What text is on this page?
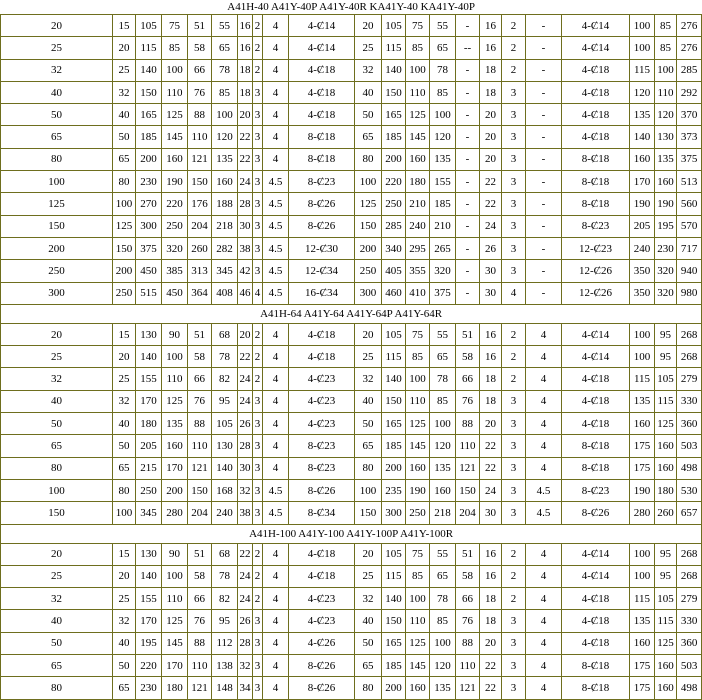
A41H-40 A41Y-40P A41Y-40R KA41Y-40 KA41Y-40P																					
20	15	105	75	51	55	16	2	4	4-Ȼ14	20	105	75	55	-	16	2	-	4-Ȼ14	100	85	276
25	20	115	85	58	65	16	2	4	4-Ȼ14	25	115	85	65	--	16	2	-	4-Ȼ14	100	85	276
32	25	140	100	66	78	18	2	4	4-Ȼ18	32	140	100	78	-	18	2	-	4-Ȼ18	115	100	285
40	32	150	110	76	85	18	3	4	4-Ȼ18	40	150	110	85	-	18	3	-	4-Ȼ18	120	110	292
50	40	165	125	88	100	20	3	4	4-Ȼ18	50	165	125	100	-	20	3	-	4-Ȼ18	135	120	370
65	50	185	145	110	120	22	3	4	8-Ȼ18	65	185	145	120	-	20	3	-	4-Ȼ18	140	130	373
80	65	200	160	121	135	22	3	4	8-Ȼ18	80	200	160	135	-	20	3	-	8-Ȼ18	160	135	375
100	80	230	190	150	160	24	3	4.5	8-Ȼ23	100	220	180	155	-	22	3	-	8-Ȼ18	170	160	513
125	100	270	220	176	188	28	3	4.5	8-Ȼ26	125	250	210	185	-	22	3	-	8-Ȼ18	190	190	560
150	125	300	250	204	218	30	3	4.5	8-Ȼ26	150	285	240	210	-	24	3	-	8-Ȼ23	205	195	570
200	150	375	320	260	282	38	3	4.5	12-Ȼ30	200	340	295	265	-	26	3	-	12-Ȼ23	240	230	717
250	200	450	385	313	345	42	3	4.5	12-Ȼ34	250	405	355	320	-	30	3	-	12-Ȼ26	350	320	940
300	250	515	450	364	408	46	4	4.5	16-Ȼ34	300	460	410	375	-	30	4	-	12-Ȼ26	350	320	980
A41H-64 A41Y-64 A41Y-64P A41Y-64R																					
20	15	130	90	51	68	20	2	4	4-Ȼ18	20	105	75	55	51	16	2	4	4-Ȼ14	100	95	268
25	20	140	100	58	78	22	2	4	4-Ȼ18	25	115	85	65	58	16	2	4	4-Ȼ14	100	95	268
32	25	155	110	66	82	24	2	4	4-Ȼ23	32	140	100	78	66	18	2	4	4-Ȼ18	115	105	279
40	32	170	125	76	95	24	3	4	4-Ȼ23	40	150	110	85	76	18	3	4	4-Ȼ18	135	115	330
50	40	180	135	88	105	26	3	4	4-Ȼ23	50	165	125	100	88	20	3	4	4-Ȼ18	160	125	360
65	50	205	160	110	130	28	3	4	8-Ȼ23	65	185	145	120	110	22	3	4	8-Ȼ18	175	160	503
80	65	215	170	121	140	30	3	4	8-Ȼ23	80	200	160	135	121	22	3	4	8-Ȼ18	175	160	498
100	80	250	200	150	168	32	3	4.5	8-Ȼ26	100	235	190	160	150	24	3	4.5	8-Ȼ23	190	180	530
150	100	345	280	204	240	38	3	4.5	8-Ȼ34	150	300	250	218	204	30	3	4.5	8-Ȼ26	280	260	657
A41H-100 A41Y-100 A41Y-100P A41Y-100R																					
20	15	130	90	51	68	22	2	4	4-Ȼ18	20	105	75	55	51	16	2	4	4-Ȼ14	100	95	268
25	20	140	100	58	78	24	2	4	4-Ȼ18	25	115	85	65	58	16	2	4	4-Ȼ14	100	95	268
32	25	155	110	66	82	24	2	4	4-Ȼ23	32	140	100	78	66	18	2	4	4-Ȼ18	115	105	279
40	32	170	125	76	95	26	3	4	4-Ȼ23	40	150	110	85	76	18	3	4	4-Ȼ18	135	115	330
50	40	195	145	88	112	28	3	4	4-Ȼ26	50	165	125	100	88	20	3	4	4-Ȼ18	160	125	360
65	50	220	170	110	138	32	3	4	8-Ȼ26	65	185	145	120	110	22	3	4	8-Ȼ18	175	160	503
80	65	230	180	121	148	34	3	4	8-Ȼ26	80	200	160	135	121	22	3	4	8-Ȼ18	175	160	498
